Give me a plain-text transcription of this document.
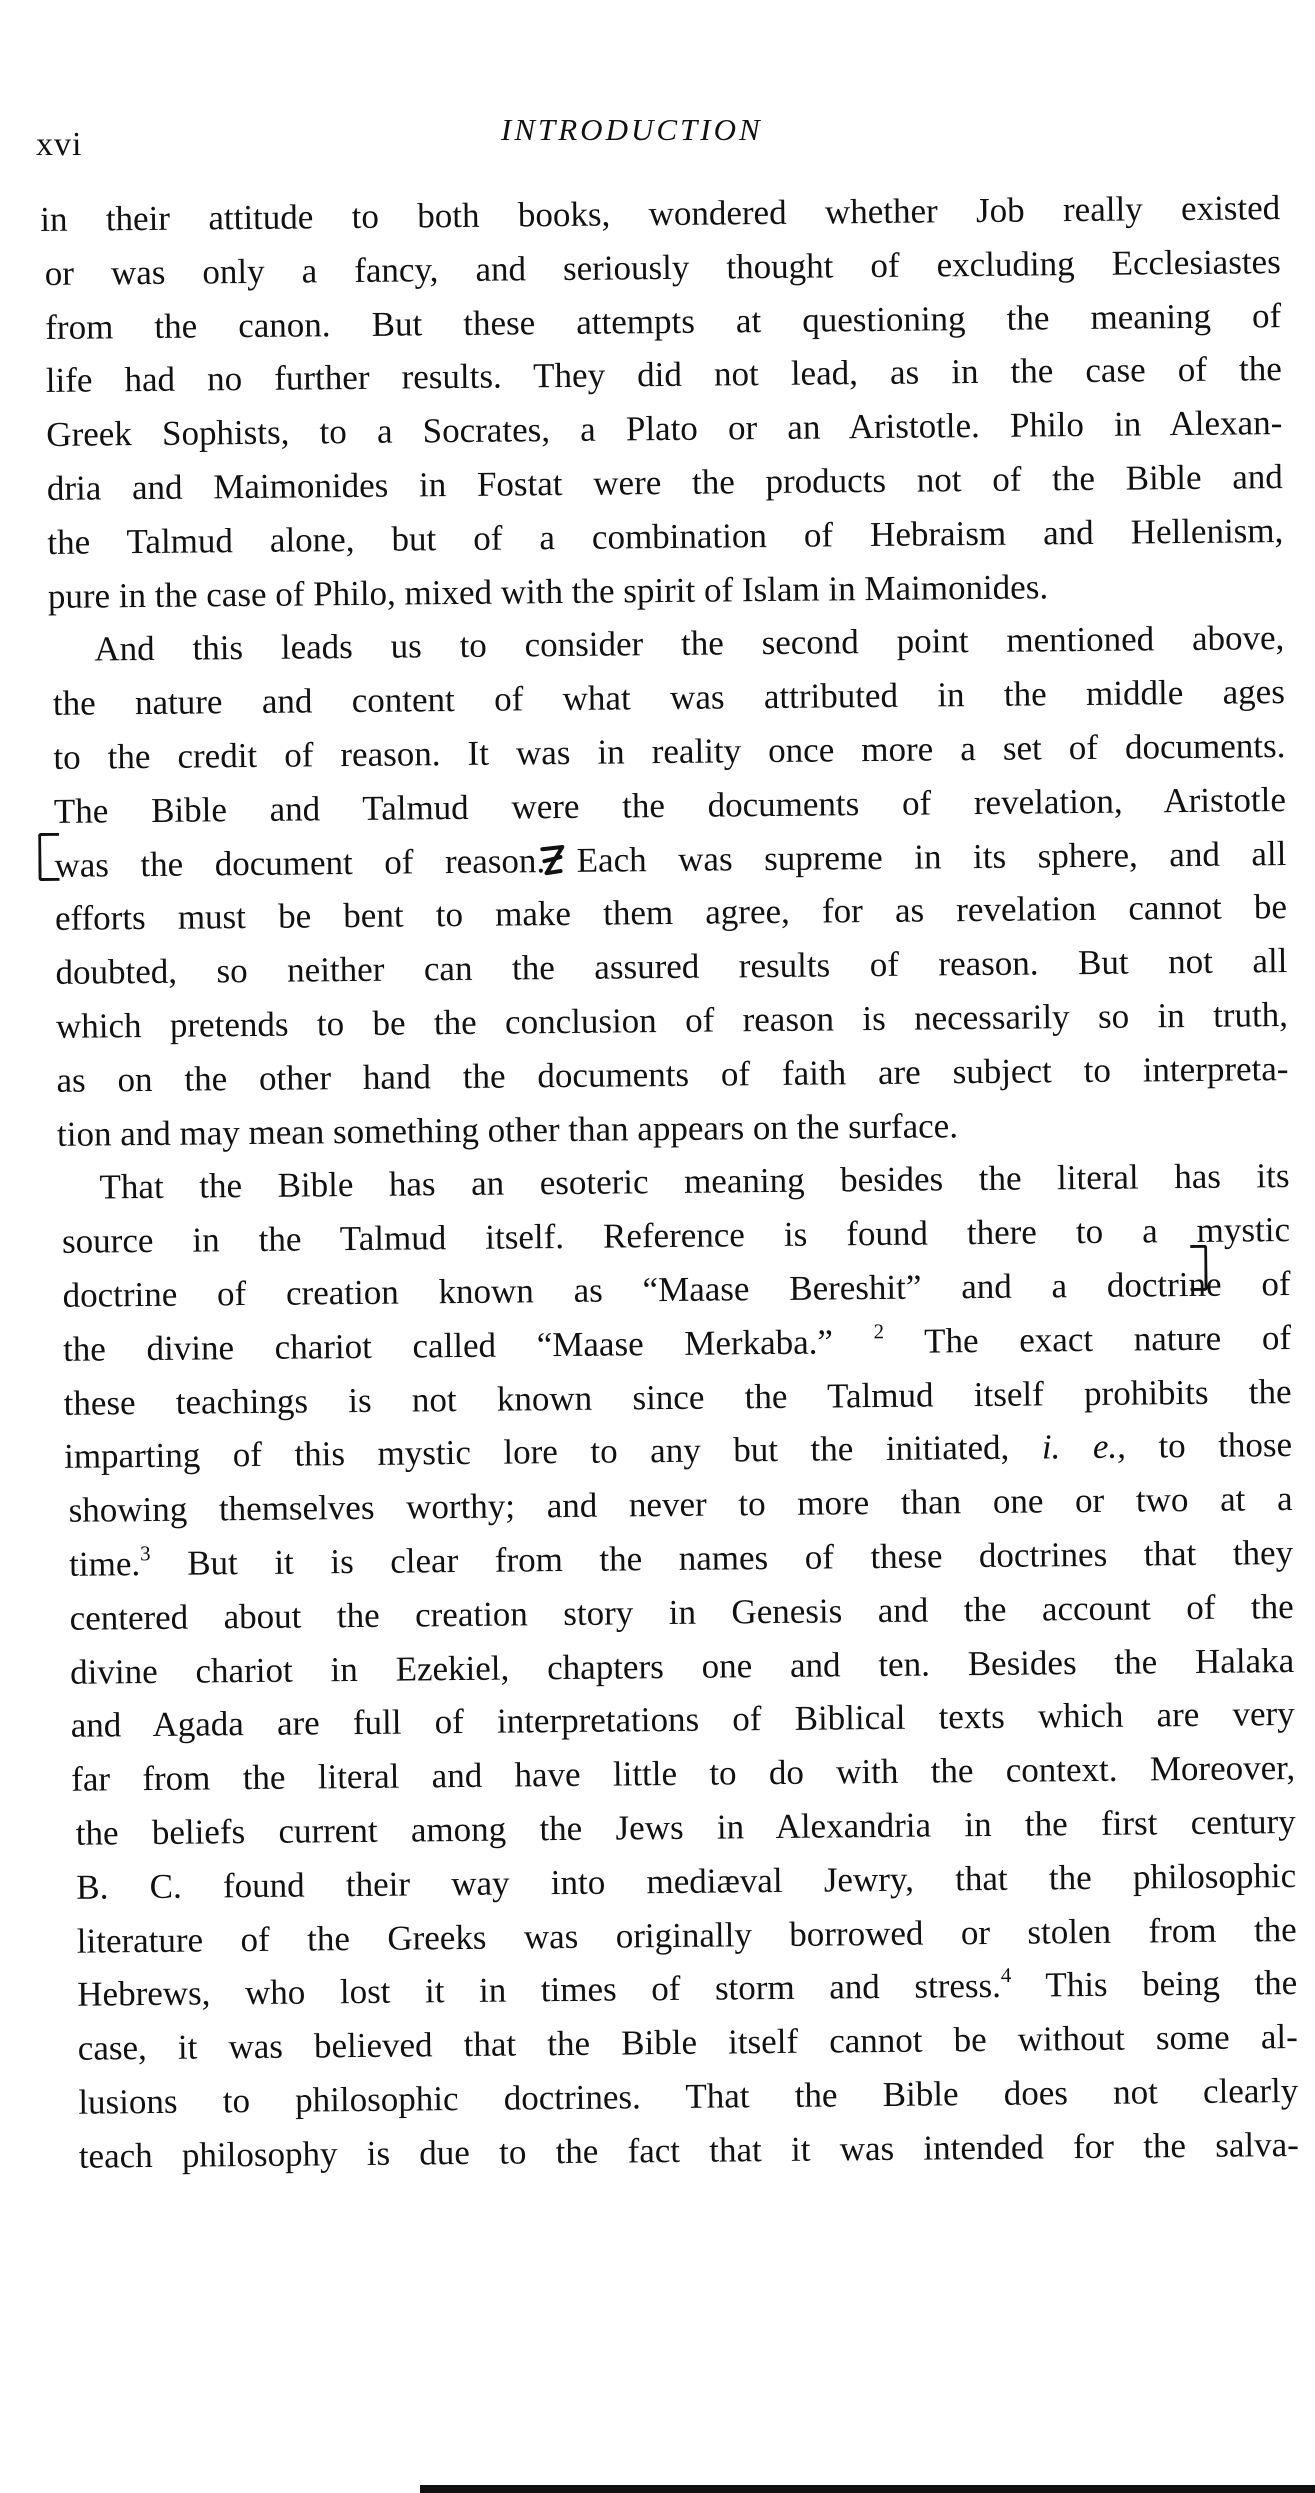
xvi	INTRODUCTION
in their attitude to both books, wondered whether Job really existed
or was only a fancy, and seriously thought of excluding Ecclesiastes
from the canon. But these attempts at questioning the meaning of
life had no further results. They did not lead, as in the case of the
Greek Sophists, to a Socrates, a Plato or an Aristotle. Philo in Alexan-
dria and Maimonides in Fostat were the products not of the Bible and
the Talmud alone, but of a combination of Hebraism and Hellenism,
pure in the case of Philo, mixed with the spirit of Islam in Maimonides.
And this leads us to consider the second point mentioned above,
the nature and content of what was attributed in the middle ages
to the credit of reason. It was in reality once more a set of documents.
The Bible and Talmud were the documents of revelation, Aristotle
was the document of reason. Each was supreme in its sphere, and all
efforts must be bent to make them agree, for as revelation cannot be
doubted, so neither can the assured results of reason. But not all
which pretends to be the conclusion of reason is necessarily so in truth,
as on the other hand the documents of faith are subject to interpreta-
tion and may mean something other than appears on the surface.
That the Bible has an esoteric meaning besides the literal has its
source in the Talmud itself. Reference is found there to a mystic
doctrine of creation known as “Maase Bereshit” and a doctrine of
the divine chariot called “Maase Merkaba.” $^2$ The exact nature of
these teachings is not known since the Talmud itself prohibits the
imparting of this mystic lore to any but the initiated, i. e., to those
showing themselves worthy; and never to more than one or two at a
time.$^3$ But it is clear from the names of these doctrines that they
centered about the creation story in Genesis and the account of the
divine chariot in Ezekiel, chapters one and ten. Besides the Halaka
and Agada are full of interpretations of Biblical texts which are very
far from the literal and have little to do with the context. Moreover,
the beliefs current among the Jews in Alexandria in the first century
B. C. found their way into mediæval Jewry, that the philosophic
literature of the Greeks was originally borrowed or stolen from the
Hebrews, who lost it in times of storm and stress.$^4$ This being the
case, it was believed that the Bible itself cannot be without some al-
lusions to philosophic doctrines. That the Bible does not clearly
teach philosophy is due to the fact that it was intended for the salva-
